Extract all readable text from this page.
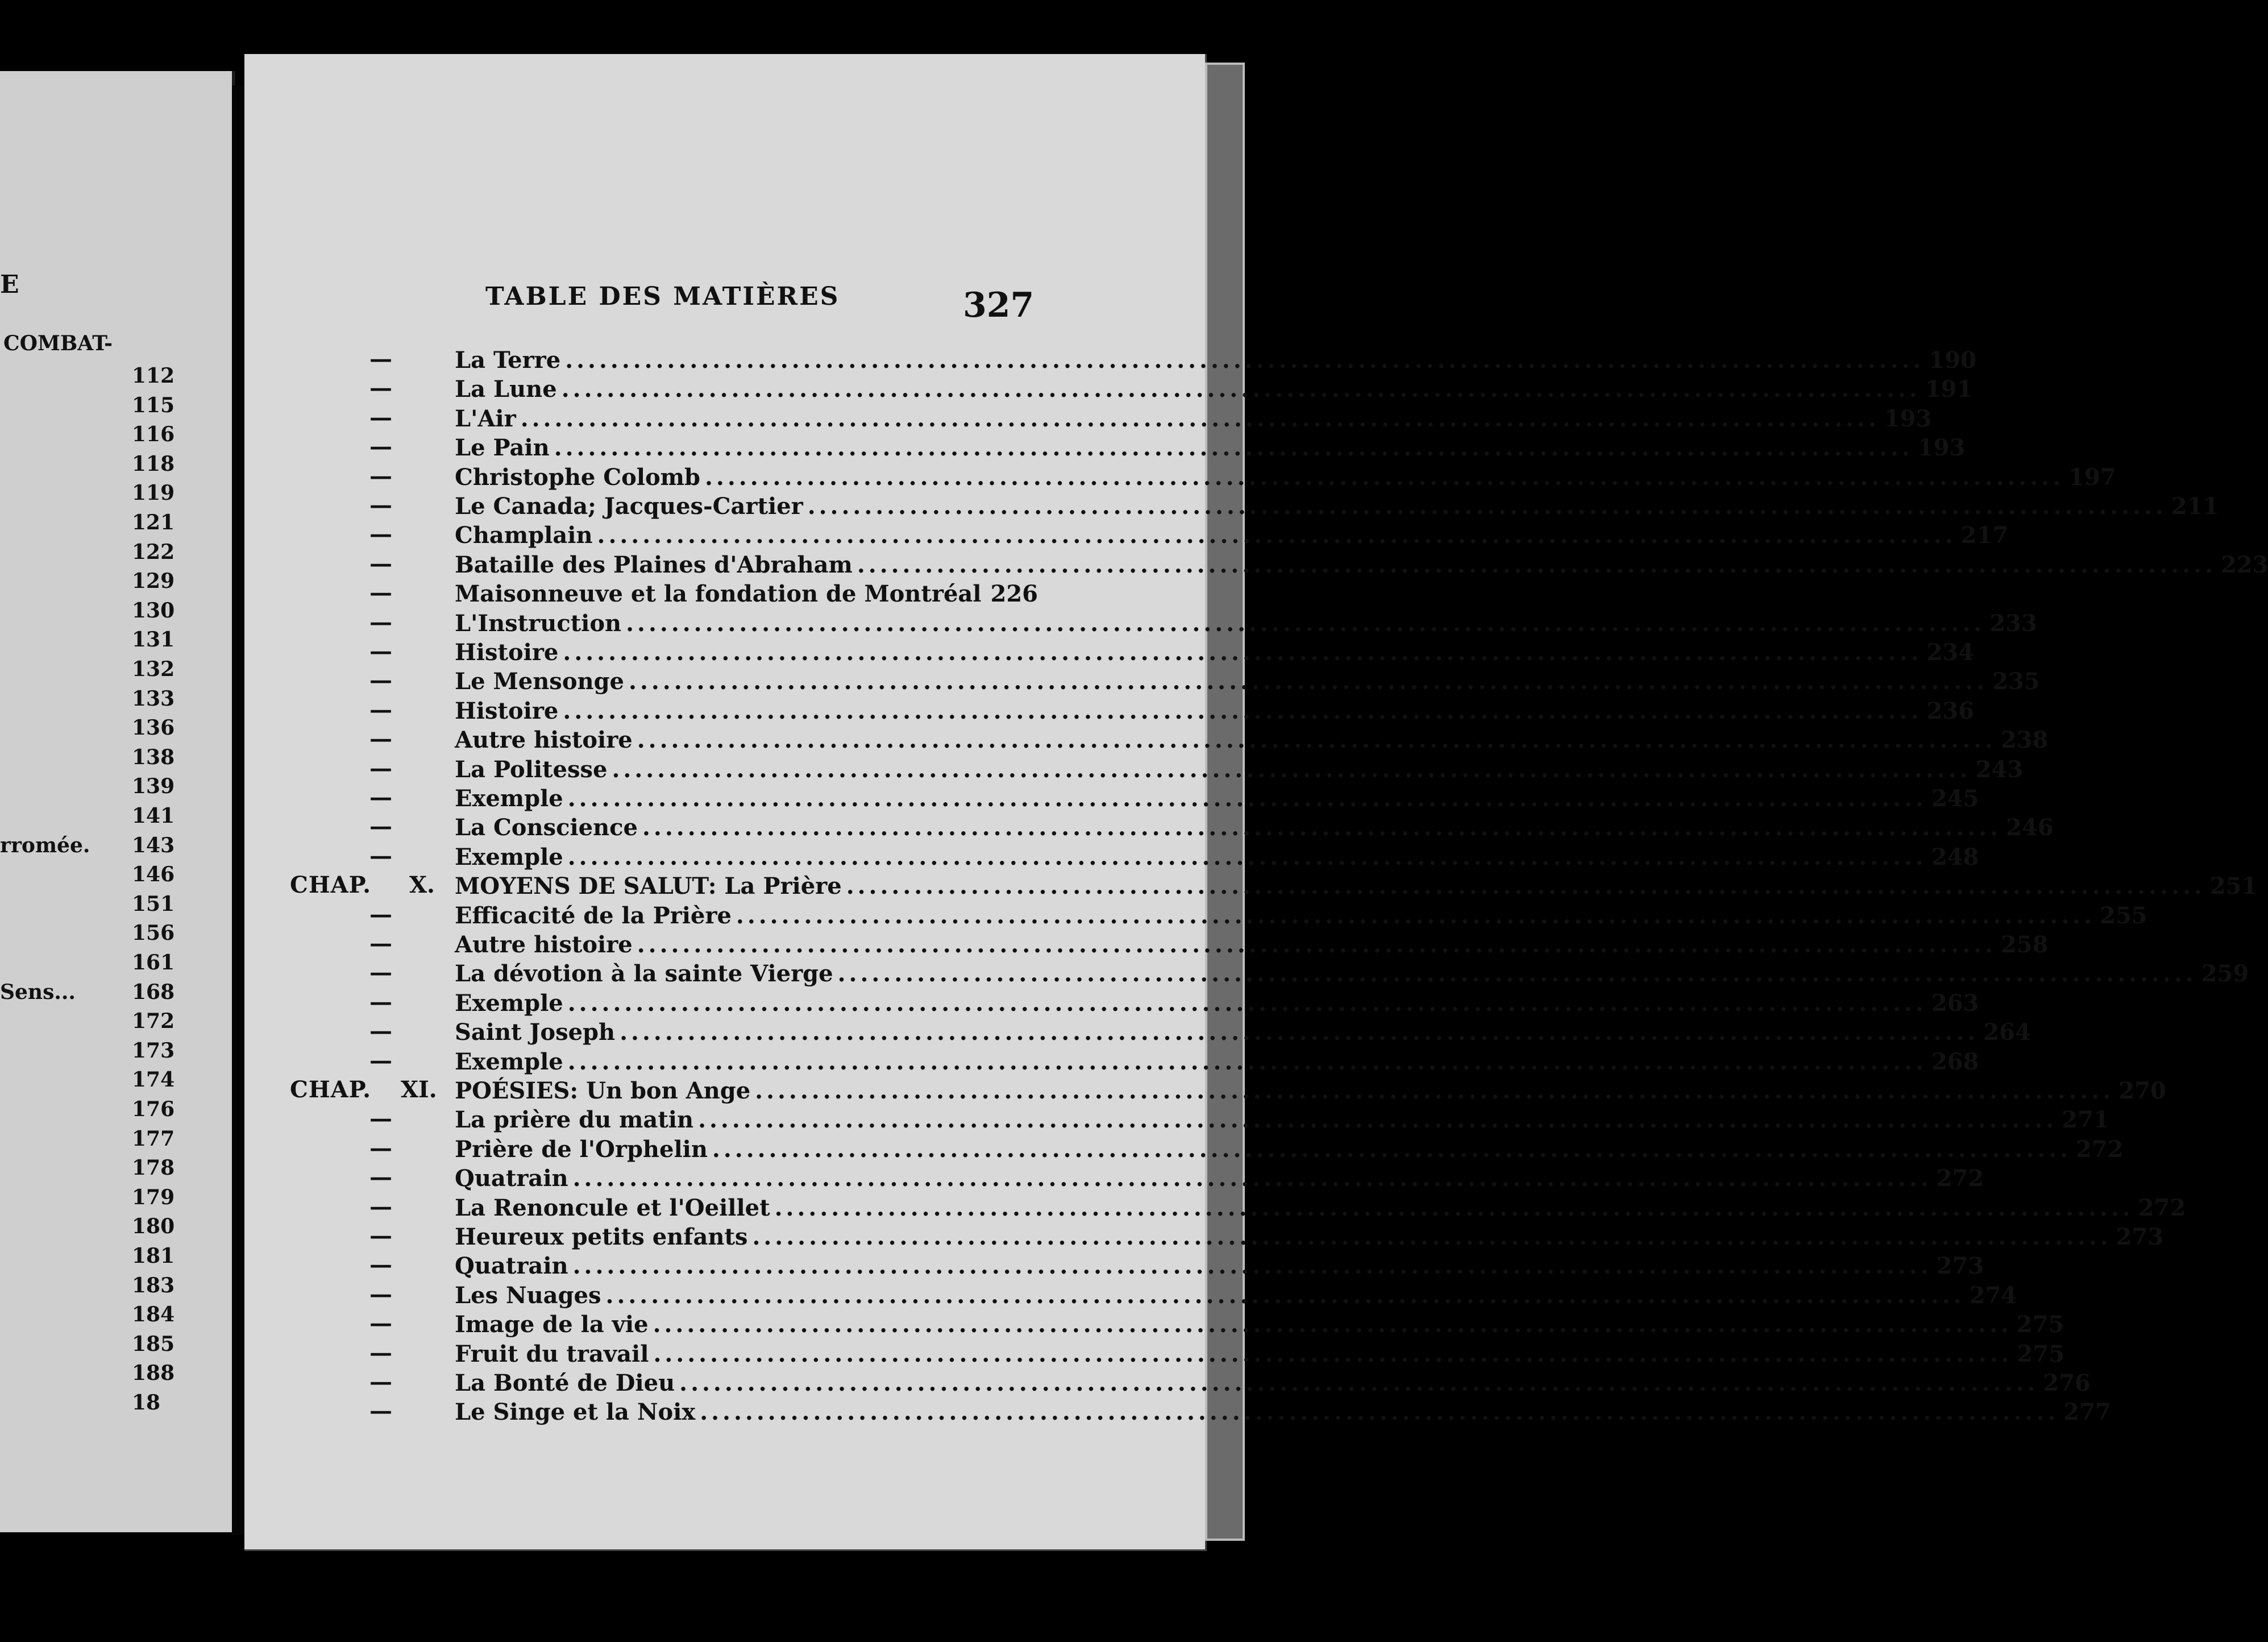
E
COMBAT-
112
115
116
118
119
121
122
129
130
131
132
133
136
138
139
141
rromée. 143
146
151
156
161
Sens...	168
172
173
174
176
177
178
179
180
181
183
184
185
188
18
TABLE DES MATIÈRES	327
—	La Terre ........................................................................................................................ 190
—	La Lune ........................................................................................................................ 191
—	L'Air ........................................................................................................................ 193
—	Le Pain ........................................................................................................................ 193
—	Christophe Colomb ........................................................................................................................ 197
—	Le Canada; Jacques-Cartier ........................................................................................................................ 211
—	Champlain ........................................................................................................................ 217
—	Bataille des Plaines d'Abraham ........................................................................................................................ 223
—	Maisonneuve et la fondation de Montréal 226
—	L'Instruction ........................................................................................................................ 233
—	Histoire ........................................................................................................................ 234
—	Le Mensonge ........................................................................................................................ 235
—	Histoire ........................................................................................................................ 236
—	Autre histoire ........................................................................................................................ 238
—	La Politesse ........................................................................................................................ 243
—	Exemple ........................................................................................................................ 245
—	La Conscience ........................................................................................................................ 246
—	Exemple ........................................................................................................................ 248
CHAP. X. MOYENS DE SALUT: La Prière ........................................................................................................................ 251
—	Efficacité de la Prière ........................................................................................................................ 255
—	Autre histoire ........................................................................................................................ 258
—	La dévotion à la sainte Vierge ........................................................................................................................ 259
—	Exemple ........................................................................................................................ 263
—	Saint Joseph ........................................................................................................................ 264
—	Exemple ........................................................................................................................ 268
CHAP. XI. POÉSIES: Un bon Ange ........................................................................................................................ 270
—	La prière du matin ........................................................................................................................ 271
—	Prière de l'Orphelin ........................................................................................................................ 272
—	Quatrain ........................................................................................................................ 272
—	La Renoncule et l'Oeillet ........................................................................................................................ 272
—	Heureux petits enfants ........................................................................................................................ 273
—	Quatrain ........................................................................................................................ 273
—	Les Nuages ........................................................................................................................ 274
—	Image de la vie ........................................................................................................................ 275
—	Fruit du travail ........................................................................................................................ 275
—	La Bonté de Dieu ........................................................................................................................ 276
—	Le Singe et la Noix ........................................................................................................................ 277
